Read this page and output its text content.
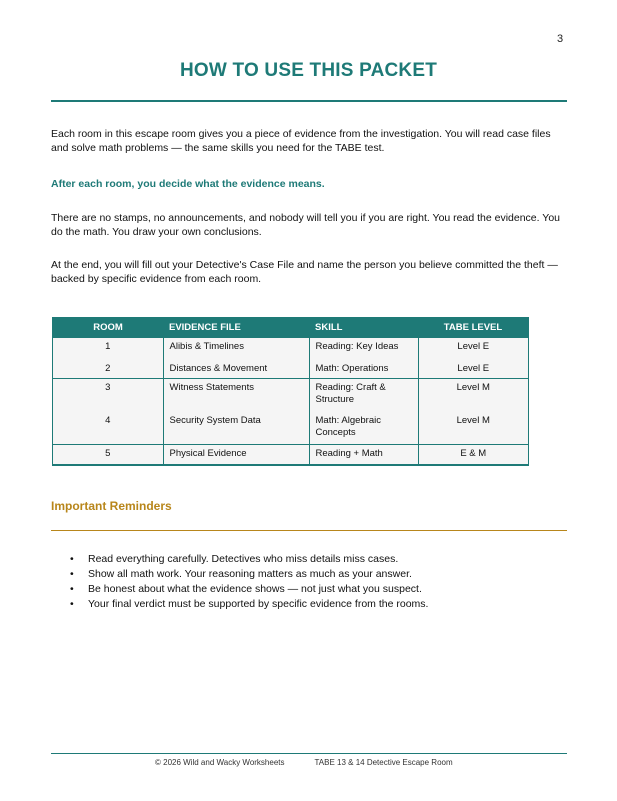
3
HOW TO USE THIS PACKET

Each room in this escape room gives you a piece of evidence from the investigation. You will read case files and solve math problems — the same skills you need for the TABE test.

After each room, you decide what the evidence means.

There are no stamps, no announcements, and nobody will tell you if you are right. You read the evidence. You do the math. You draw your own conclusions.

At the end, you will fill out your Detective's Case File and name the person you believe committed the theft — backed by specific evidence from each room.

ROOM	EVIDENCE FILE	SKILL	TABE LEVEL
1	Alibis & Timelines	Reading: Key Ideas	Level E
2	Distances & Movement	Math: Operations	Level E
3	Witness Statements	Reading: Craft & Structure	Level M
4	Security System Data	Math: Algebraic Concepts	Level M
5	Physical Evidence	Reading + Math	E & M
Important Reminders
• Read everything carefully. Detectives who miss details miss cases.
• Show all math work. Your reasoning matters as much as your answer.
• Be honest about what the evidence shows — not just what you suspect.
• Your final verdict must be supported by specific evidence from the rooms.
© 2026 Wild and Wacky Worksheets	TABE 13 & 14 Detective Escape Room
